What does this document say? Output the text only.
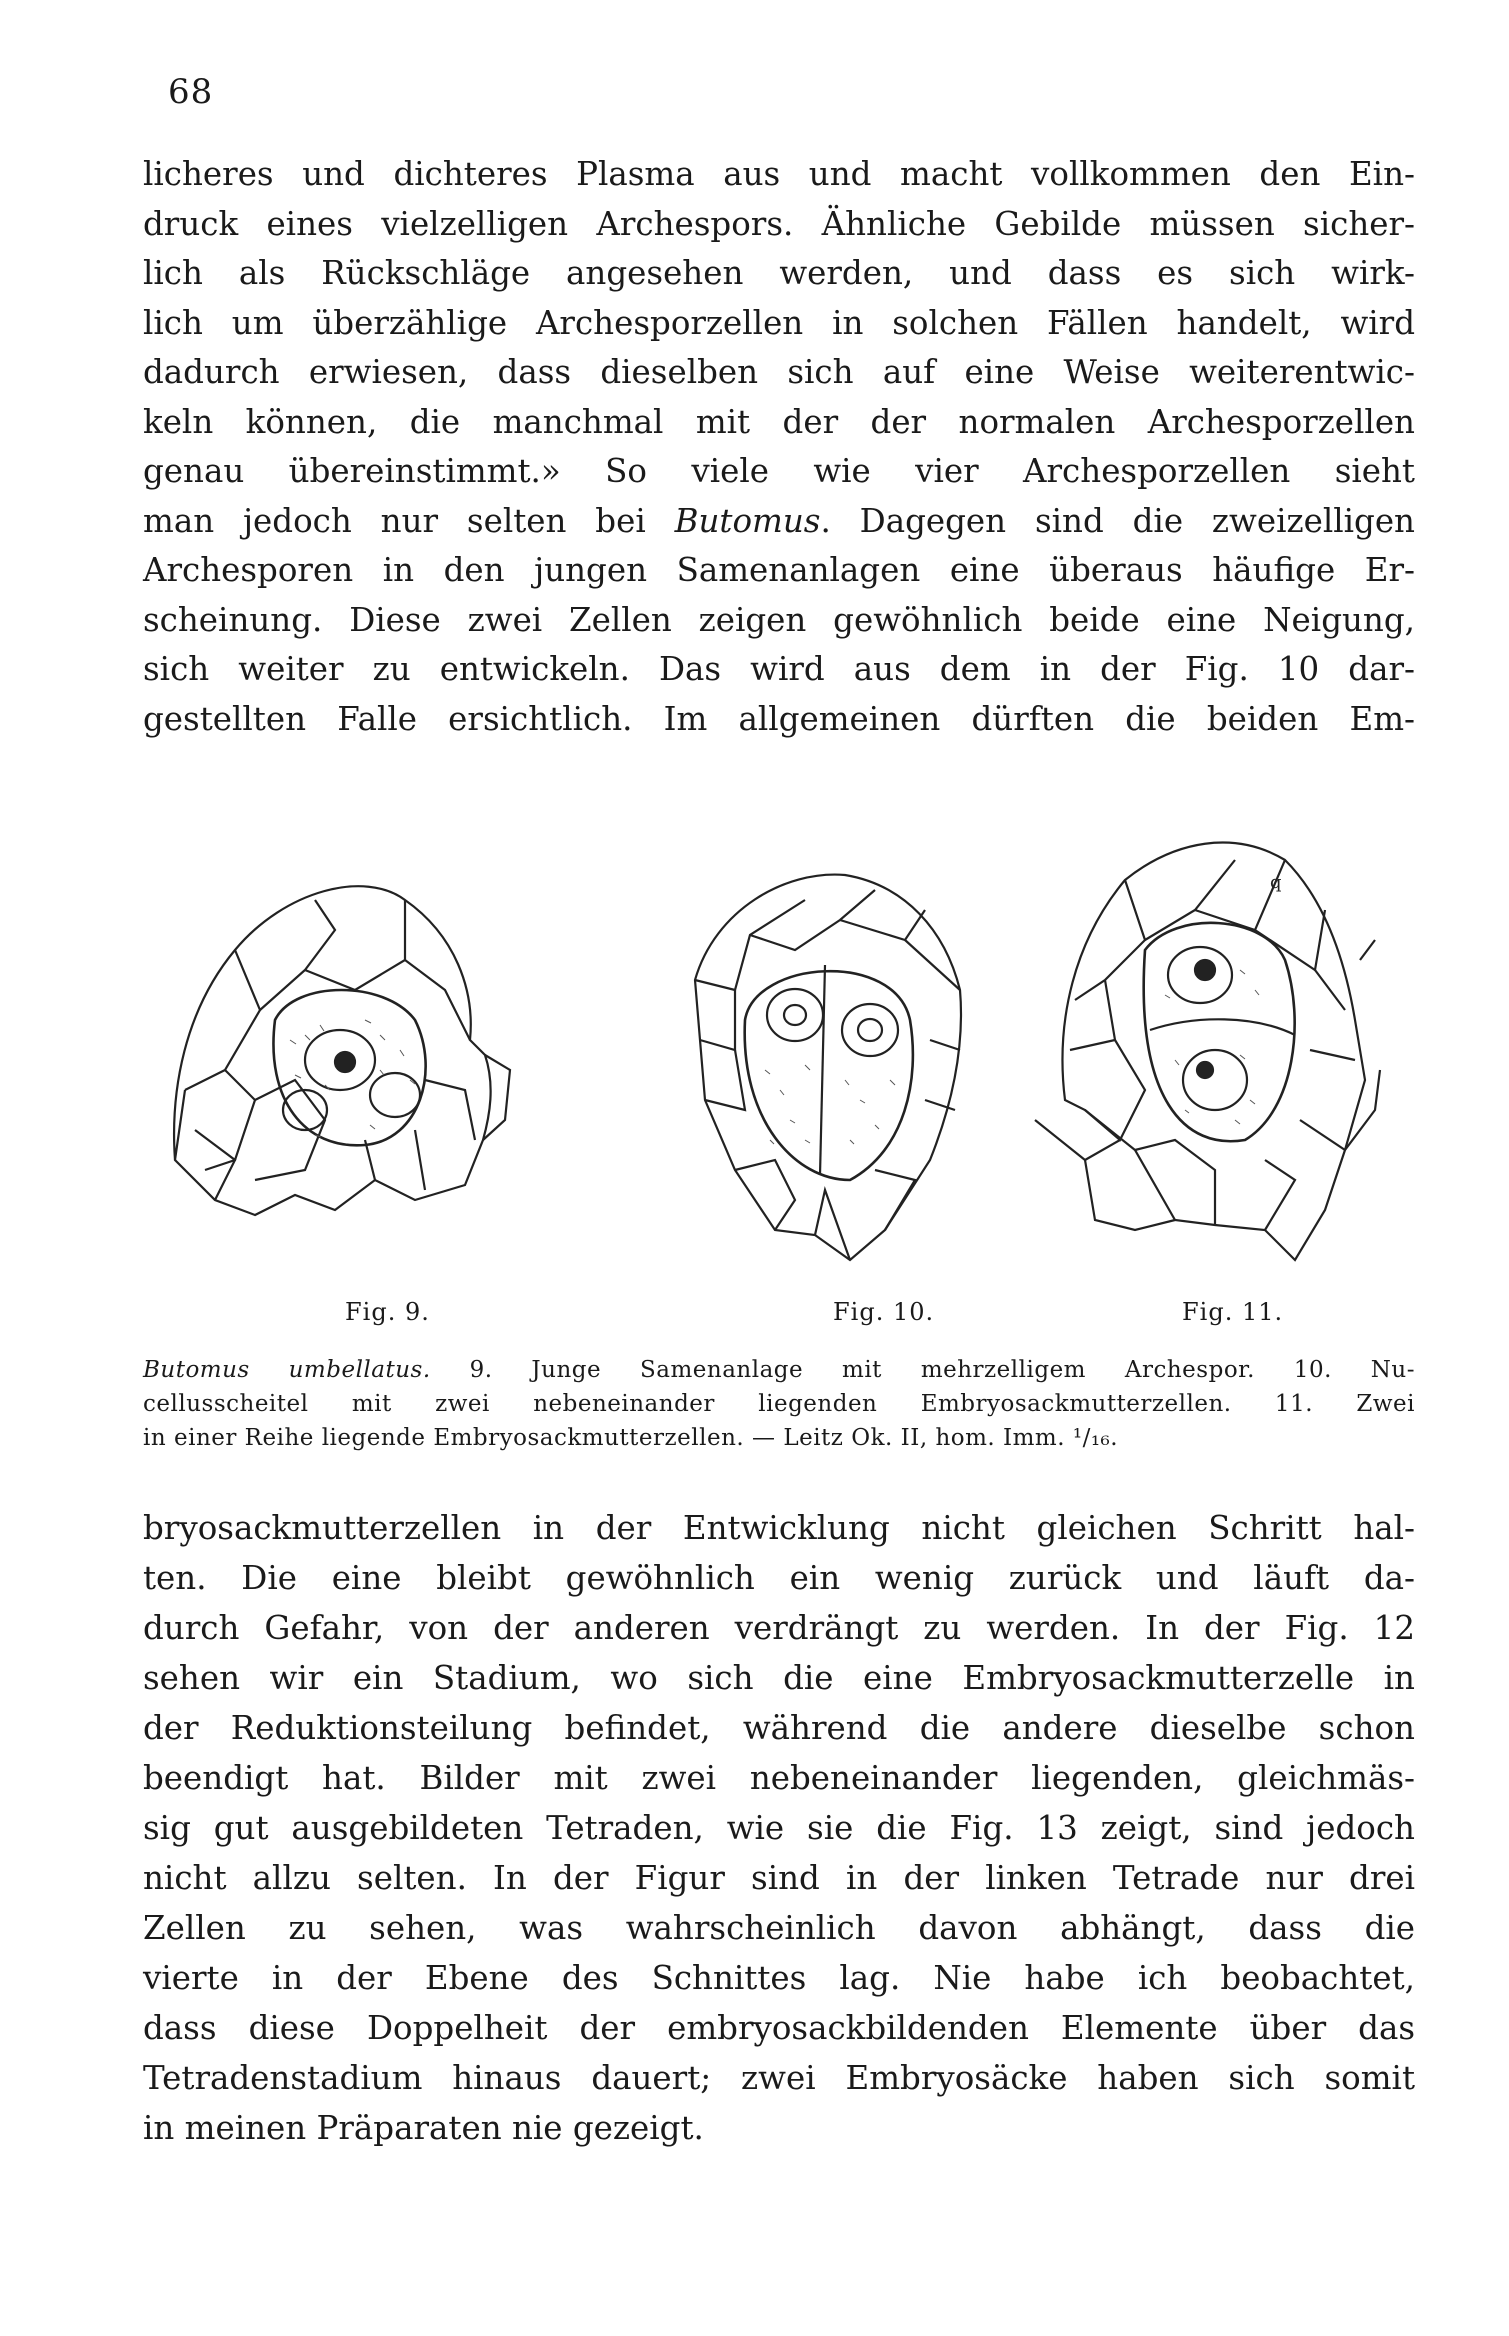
68

licheres und dichteres Plasma aus und macht vollkommen den Ein-
druck eines vielzelligen Archespors. Ähnliche Gebilde müssen sicher-
lich als Rückschläge angesehen werden, und dass es sich wirk-
lich um überzählige Archesporzellen in solchen Fällen handelt, wird
dadurch erwiesen, dass dieselben sich auf eine Weise weiterentwic-
keln können, die manchmal mit der der normalen Archesporzellen
genau übereinstimmt.» So viele wie vier Archesporzellen sieht
man jedoch nur selten bei Butomus. Dagegen sind die zweizelligen
Archesporen in den jungen Samenanlagen eine überaus häufige Er-
scheinung. Diese zwei Zellen zeigen gewöhnlich beide eine Neigung,
sich weiter zu entwickeln. Das wird aus dem in der Fig. 10 dar-
gestellten Falle ersichtlich. Im allgemeinen dürften die beiden Em-

q
Fig. 9.	Fig. 10.	Fig. 11.

Butomus umbellatus. 9. Junge Samenanlage mit mehrzelligem Archespor. 10. Nu-
cellusscheitel mit zwei nebeneinander liegenden Embryosackmutterzellen. 11. Zwei
in einer Reihe liegende Embryosackmutterzellen. — Leitz Ok. II, hom. Imm. ¹/₁₆.

bryosackmutterzellen in der Entwicklung nicht gleichen Schritt hal-
ten. Die eine bleibt gewöhnlich ein wenig zurück und läuft da-
durch Gefahr, von der anderen verdrängt zu werden. In der Fig. 12
sehen wir ein Stadium, wo sich die eine Embryosackmutterzelle in
der Reduktionsteilung befindet, während die andere dieselbe schon
beendigt hat. Bilder mit zwei nebeneinander liegenden, gleichmäs-
sig gut ausgebildeten Tetraden, wie sie die Fig. 13 zeigt, sind jedoch
nicht allzu selten. In der Figur sind in der linken Tetrade nur drei
Zellen zu sehen, was wahrscheinlich davon abhängt, dass die
vierte in der Ebene des Schnittes lag. Nie habe ich beobachtet,
dass diese Doppelheit der embryosackbildenden Elemente über das
Tetradenstadium hinaus dauert; zwei Embryosäcke haben sich somit
in meinen Präparaten nie gezeigt.
